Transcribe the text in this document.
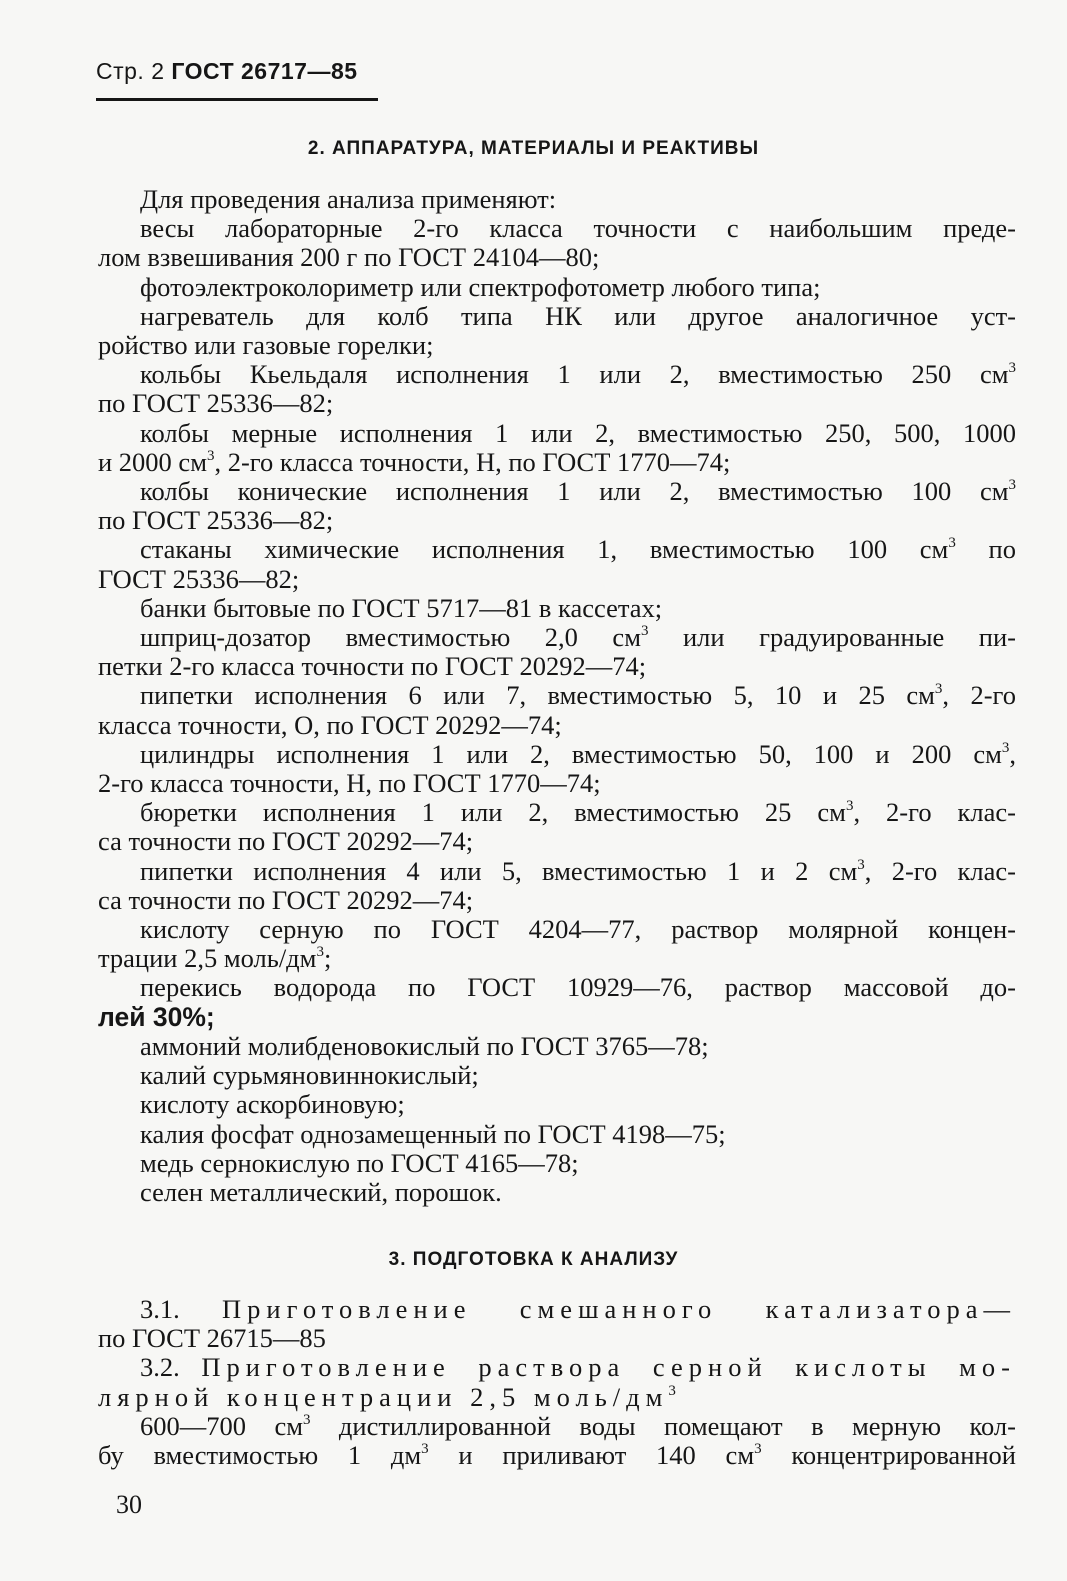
Стр. 2 ГОСТ 26717—85
2. АППАРАТУРА, МАТЕРИАЛЫ И РЕАКТИВЫ

Для проведения анализа применяют:

весы лабораторные 2-го класса точности с наибольшим преде-

лом взвешивания 200 г по ГОСТ 24104—80;

фотоэлектроколориметр или спектрофотометр любого типа;

нагреватель для колб типа НК или другое аналогичное уст-

ройство или газовые горелки;

кольбы Кьельдаля исполнения 1 или 2, вместимостью 250 $см^3$

по ГОСТ 25336—82;

колбы мерные исполнения 1 или 2, вместимостью 250, 500, 1000

и 2000 $см^3$, 2-го класса точности, Н, по ГОСТ 1770—74;

колбы конические исполнения 1 или 2, вместимостью 100 $см^3$

по ГОСТ 25336—82;

стаканы химические исполнения 1, вместимостью 100 $см^3$ по

ГОСТ 25336—82;

банки бытовые по ГОСТ 5717—81 в кассетах;

шприц-дозатор вместимостью 2,0 $см^3$ или градуированные пи-

петки 2-го класса точности по ГОСТ 20292—74;

пипетки исполнения 6 или 7, вместимостью 5, 10 и 25 $см^3$, 2-го

класса точности, О, по ГОСТ 20292—74;

цилиндры исполнения 1 или 2, вместимостью 50, 100 и 200 $см^3$,

2-го класса точности, Н, по ГОСТ 1770—74;

бюретки исполнения 1 или 2, вместимостью 25 $см^3$, 2-го клас-

са точности по ГОСТ 20292—74;

пипетки исполнения 4 или 5, вместимостью 1 и 2 $см^3$, 2-го клас-

са точности по ГОСТ 20292—74;

кислоту серную по ГОСТ 4204—77, раствор молярной концен-

трации 2,5 моль/$дм^3$;

перекись водорода по ГОСТ 10929—76, раствор массовой до-

лей 30%;

аммоний молибденовокислый по ГОСТ 3765—78;

калий сурьмяновиннокислый;

кислоту аскорбиновую;

калия фосфат однозамещенный по ГОСТ 4198—75;

медь сернокислую по ГОСТ 4165—78;

селен металлический, порошок.

3. ПОДГОТОВКА К АНАЛИЗУ

3.1. Приготовление смешанного катализатора—

по ГОСТ 26715—85

3.2. Приготовление раствора серной кислоты мо-

лярной концентрации 2,5 моль/$дм^3$

600—700 $см^3$ дистиллированной воды помещают в мерную кол-

бу вместимостью 1 $дм^3$ и приливают 140 $см^3$ концентрированной

30
